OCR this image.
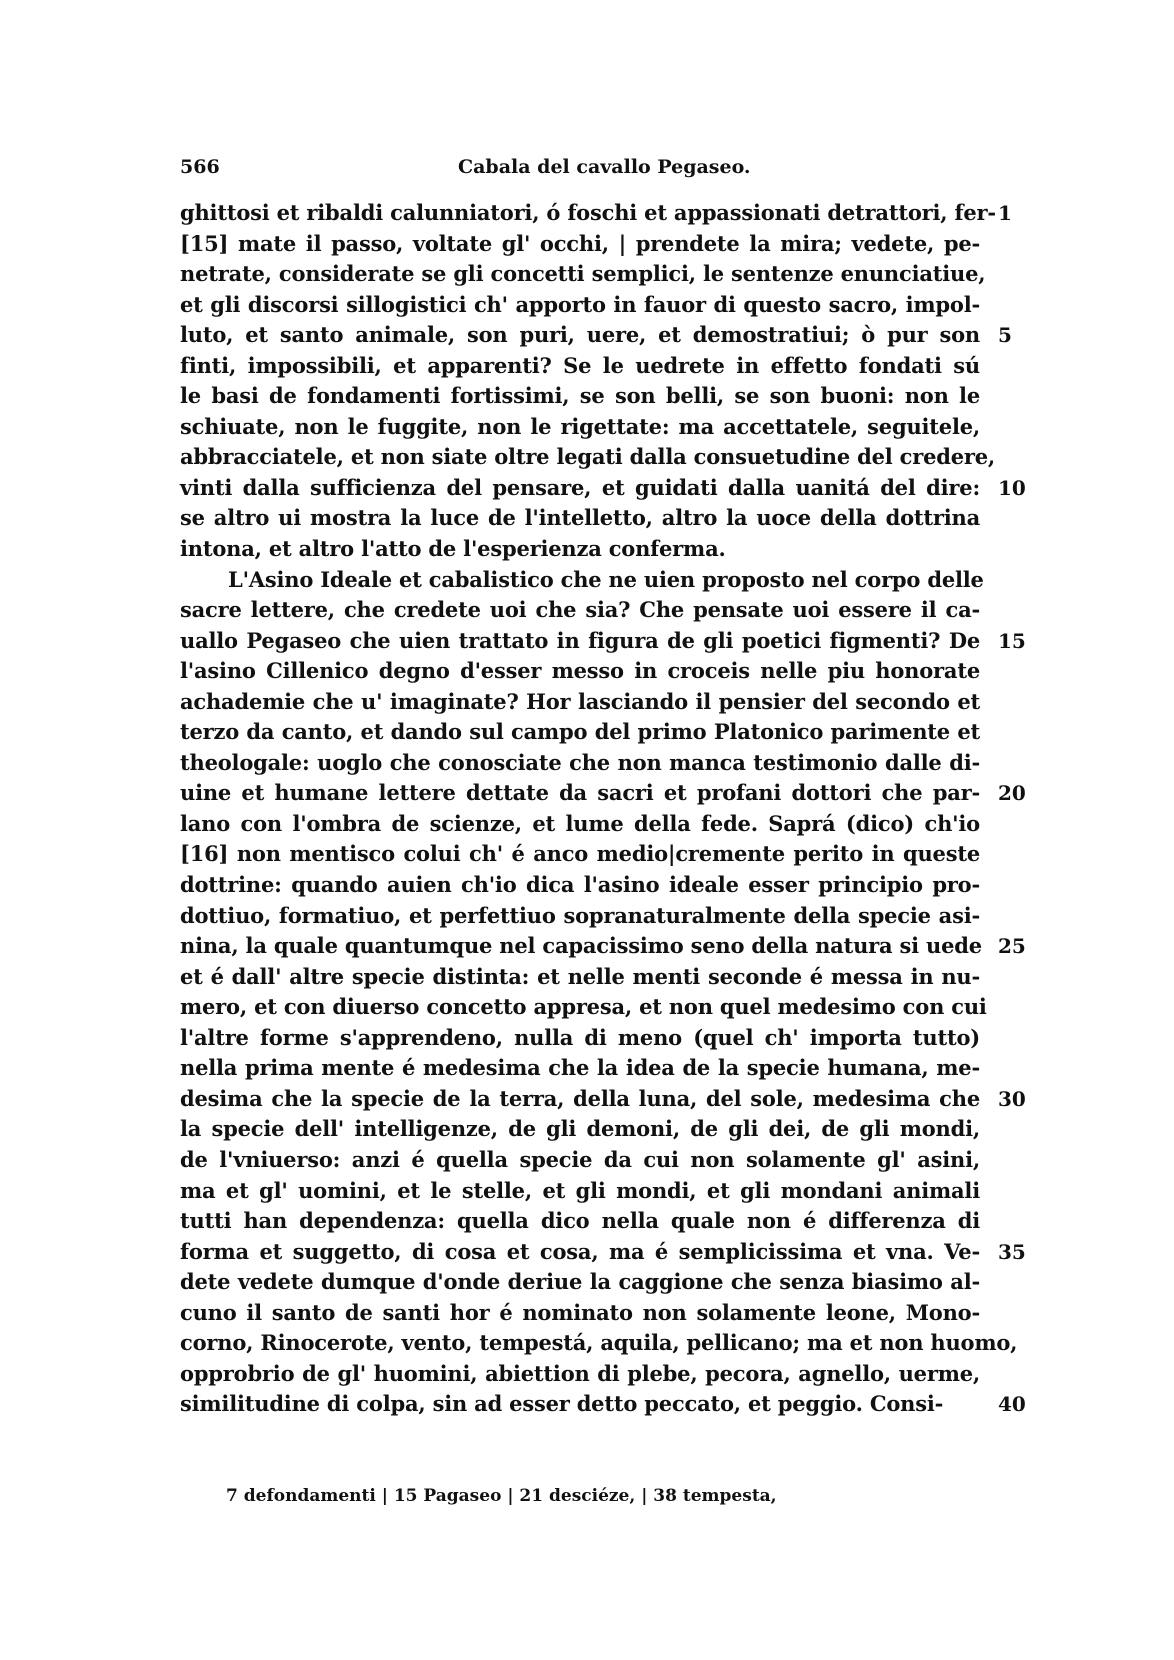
566	Cabala del cavallo Pegaseo.
ghittosi et ribaldi calunniatori, ó foschi et appassionati detrattori, fer- 1
[15] mate il passo, voltate gl' occhi, | prendete la mira; vedete, pe-
netrate, considerate se gli concetti semplici, le sentenze enunciatiue,
et gli discorsi sillogistici ch' apporto in fauor di questo sacro, impol-
luto, et santo animale, son puri, uere, et demostratiui; ò pur son 5
finti, impossibili, et apparenti? Se le uedrete in effetto fondati sú
le basi de fondamenti fortissimi, se son belli, se son buoni: non le
schiuate, non le fuggite, non le rigettate: ma accettatele, seguitele,
abbracciatele, et non siate oltre legati dalla consuetudine del credere,
vinti dalla sufficienza del pensare, et guidati dalla uanitá del dire: 10
se altro ui mostra la luce de l'intelletto, altro la uoce della dottrina
intona, et altro l'atto de l'esperienza conferma.
L'Asino Ideale et cabalistico che ne uien proposto nel corpo delle
sacre lettere, che credete uoi che sia? Che pensate uoi essere il ca-
uallo Pegaseo che uien trattato in figura de gli poetici figmenti? De 15
l'asino Cillenico degno d'esser messo in croceis nelle piu honorate
achademie che u' imaginate? Hor lasciando il pensier del secondo et
terzo da canto, et dando sul campo del primo Platonico parimente et
theologale: uoglo che conosciate che non manca testimonio dalle di-
uine et humane lettere dettate da sacri et profani dottori che par- 20
lano con l'ombra de scienze, et lume della fede. Saprá (dico) ch'io
[16] non mentisco colui ch' é anco medio|cremente perito in queste
dottrine: quando auien ch'io dica l'asino ideale esser principio pro-
dottiuo, formatiuo, et perfettiuo sopranaturalmente della specie asi-
nina, la quale quantumque nel capacissimo seno della natura si uede 25
et é dall' altre specie distinta: et nelle menti seconde é messa in nu-
mero, et con diuerso concetto appresa, et non quel medesimo con cui
l'altre forme s'apprendeno, nulla di meno (quel ch' importa tutto)
nella prima mente é medesima che la idea de la specie humana, me-
desima che la specie de la terra, della luna, del sole, medesima che 30
la specie dell' intelligenze, de gli demoni, de gli dei, de gli mondi,
de l'vniuerso: anzi é quella specie da cui non solamente gl' asini,
ma et gl' uomini, et le stelle, et gli mondi, et gli mondani animali
tutti han dependenza: quella dico nella quale non é differenza di
forma et suggetto, di cosa et cosa, ma é semplicissima et vna. Ve- 35
dete vedete dumque d'onde deriue la caggione che senza biasimo al-
cuno il santo de santi hor é nominato non solamente leone, Mono-
corno, Rinocerote, vento, tempestá, aquila, pellicano; ma et non huomo,
opprobrio de gl' huomini, abiettion di plebe, pecora, agnello, uerme,
similitudine di colpa, sin ad esser detto peccato, et peggio. Consi-	40
7 defondamenti | 15 Pagaseo | 21 desciéze, | 38 tempesta,
